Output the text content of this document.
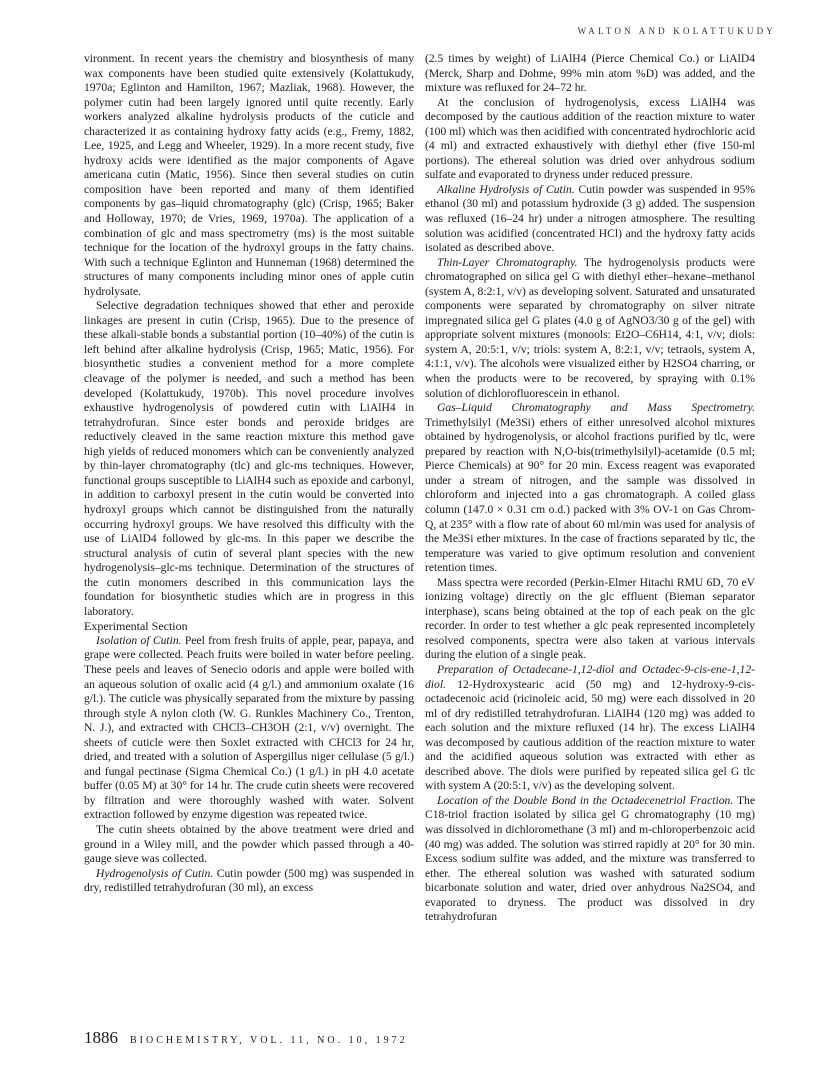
WALTON AND KOLATTUKUDY

vironment. In recent years the chemistry and biosynthesis of many wax components have been studied quite extensively (Kolattukudy, 1970a; Eglinton and Hamilton, 1967; Mazliak, 1968). However, the polymer cutin had been largely ignored until quite recently. Early workers analyzed alkaline hydrolysis products of the cuticle and characterized it as containing hydroxy fatty acids (e.g., Fremy, 1882, Lee, 1925, and Legg and Wheeler, 1929). In a more recent study, five hydroxy acids were identified as the major components of Agave americana cutin (Matic, 1956). Since then several studies on cutin composition have been reported and many of them identified components by gas–liquid chromatography (glc) (Crisp, 1965; Baker and Holloway, 1970; de Vries, 1969, 1970a). The application of a combination of glc and mass spectrometry (ms) is the most suitable technique for the location of the hydroxyl groups in the fatty chains. With such a technique Eglinton and Hunneman (1968) determined the structures of many components including minor ones of apple cutin hydrolysate.

Selective degradation techniques showed that ether and peroxide linkages are present in cutin (Crisp, 1965). Due to the presence of these alkali-stable bonds a substantial portion (10–40%) of the cutin is left behind after alkaline hydrolysis (Crisp, 1965; Matic, 1956). For biosynthetic studies a convenient method for a more complete cleavage of the polymer is needed, and such a method has been developed (Kolattukudy, 1970b). This novel procedure involves exhaustive hydrogenolysis of powdered cutin with LiAlH4 in tetrahydrofuran. Since ester bonds and peroxide bridges are reductively cleaved in the same reaction mixture this method gave high yields of reduced monomers which can be conveniently analyzed by thin-layer chromatography (tlc) and glc-ms techniques. However, functional groups susceptible to LiAlH4 such as epoxide and carbonyl, in addition to carboxyl present in the cutin would be converted into hydroxyl groups which cannot be distinguished from the naturally occurring hydroxyl groups. We have resolved this difficulty with the use of LiAlD4 followed by glc-ms. In this paper we describe the structural analysis of cutin of several plant species with the new hydrogenolysis–glc-ms technique. Determination of the structures of the cutin monomers described in this communication lays the foundation for biosynthetic studies which are in progress in this laboratory.

Experimental Section

Isolation of Cutin. Peel from fresh fruits of apple, pear, papaya, and grape were collected. Peach fruits were boiled in water before peeling. These peels and leaves of Senecio odoris and apple were boiled with an aqueous solution of oxalic acid (4 g/l.) and ammonium oxalate (16 g/l.). The cuticle was physically separated from the mixture by passing through style A nylon cloth (W. G. Runkles Machinery Co., Trenton, N. J.), and extracted with CHCl3–CH3OH (2:1, v/v) overnight. The sheets of cuticle were then Soxlet extracted with CHCl3 for 24 hr, dried, and treated with a solution of Aspergillus niger cellulase (5 g/l.) and fungal pectinase (Sigma Chemical Co.) (1 g/l.) in pH 4.0 acetate buffer (0.05 M) at 30° for 14 hr. The crude cutin sheets were recovered by filtration and were thoroughly washed with water. Solvent extraction followed by enzyme digestion was repeated twice.

The cutin sheets obtained by the above treatment were dried and ground in a Wiley mill, and the powder which passed through a 40-gauge sieve was collected.

Hydrogenolysis of Cutin. Cutin powder (500 mg) was suspended in dry, redistilled tetrahydrofuran (30 ml), an excess

(2.5 times by weight) of LiAlH4 (Pierce Chemical Co.) or LiAlD4 (Merck, Sharp and Dohme, 99% min atom %D) was added, and the mixture was refluxed for 24–72 hr.

At the conclusion of hydrogenolysis, excess LiAlH4 was decomposed by the cautious addition of the reaction mixture to water (100 ml) which was then acidified with concentrated hydrochloric acid (4 ml) and extracted exhaustively with diethyl ether (five 150-ml portions). The ethereal solution was dried over anhydrous sodium sulfate and evaporated to dryness under reduced pressure.

Alkaline Hydrolysis of Cutin. Cutin powder was suspended in 95% ethanol (30 ml) and potassium hydroxide (3 g) added. The suspension was refluxed (16–24 hr) under a nitrogen atmosphere. The resulting solution was acidified (concentrated HCl) and the hydroxy fatty acids isolated as described above.

Thin-Layer Chromatography. The hydrogenolysis products were chromatographed on silica gel G with diethyl ether–hexane–methanol (system A, 8:2:1, v/v) as developing solvent. Saturated and unsaturated components were separated by chromatography on silver nitrate impregnated silica gel G plates (4.0 g of AgNO3/30 g of the gel) with appropriate solvent mixtures (monools: Et2O–C6H14, 4:1, v/v; diols: system A, 20:5:1, v/v; triols: system A, 8:2:1, v/v; tetraols, system A, 4:1:1, v/v). The alcohols were visualized either by H2SO4 charring, or when the products were to be recovered, by spraying with 0.1% solution of dichlorofluorescein in ethanol.

Gas–Liquid Chromatography and Mass Spectrometry. Trimethylsilyl (Me3Si) ethers of either unresolved alcohol mixtures obtained by hydrogenolysis, or alcohol fractions purified by tlc, were prepared by reaction with N,O-bis(trimethylsilyl)-acetamide (0.5 ml; Pierce Chemicals) at 90° for 20 min. Excess reagent was evaporated under a stream of nitrogen, and the sample was dissolved in chloroform and injected into a gas chromatograph. A coiled glass column (147.0 × 0.31 cm o.d.) packed with 3% OV-1 on Gas Chrom-Q, at 235° with a flow rate of about 60 ml/min was used for analysis of the Me3Si ether mixtures. In the case of fractions separated by tlc, the temperature was varied to give optimum resolution and convenient retention times.

Mass spectra were recorded (Perkin-Elmer Hitachi RMU 6D, 70 eV ionizing voltage) directly on the glc effluent (Bieman separator interphase), scans being obtained at the top of each peak on the glc recorder. In order to test whether a glc peak represented incompletely resolved components, spectra were also taken at various intervals during the elution of a single peak.

Preparation of Octadecane-1,12-diol and Octadec-9-cis-ene-1,12-diol. 12-Hydroxystearic acid (50 mg) and 12-hydroxy-9-cis-octadecenoic acid (ricinoleic acid, 50 mg) were each dissolved in 20 ml of dry redistilled tetrahydrofuran. LiAlH4 (120 mg) was added to each solution and the mixture refluxed (14 hr). The excess LiAlH4 was decomposed by cautious addition of the reaction mixture to water and the acidified aqueous solution was extracted with ether as described above. The diols were purified by repeated silica gel G tlc with system A (20:5:1, v/v) as the developing solvent.

Location of the Double Bond in the Octadecenetriol Fraction. The C18-triol fraction isolated by silica gel G chromatography (10 mg) was dissolved in dichloromethane (3 ml) and m-chloroperbenzoic acid (40 mg) was added. The solution was stirred rapidly at 20° for 30 min. Excess sodium sulfite was added, and the mixture was transferred to ether. The ethereal solution was washed with saturated sodium bicarbonate solution and water, dried over anhydrous Na2SO4, and evaporated to dryness. The product was dissolved in dry tetrahydrofuran

1886 BIOCHEMISTRY, VOL. 11, NO. 10, 1972
